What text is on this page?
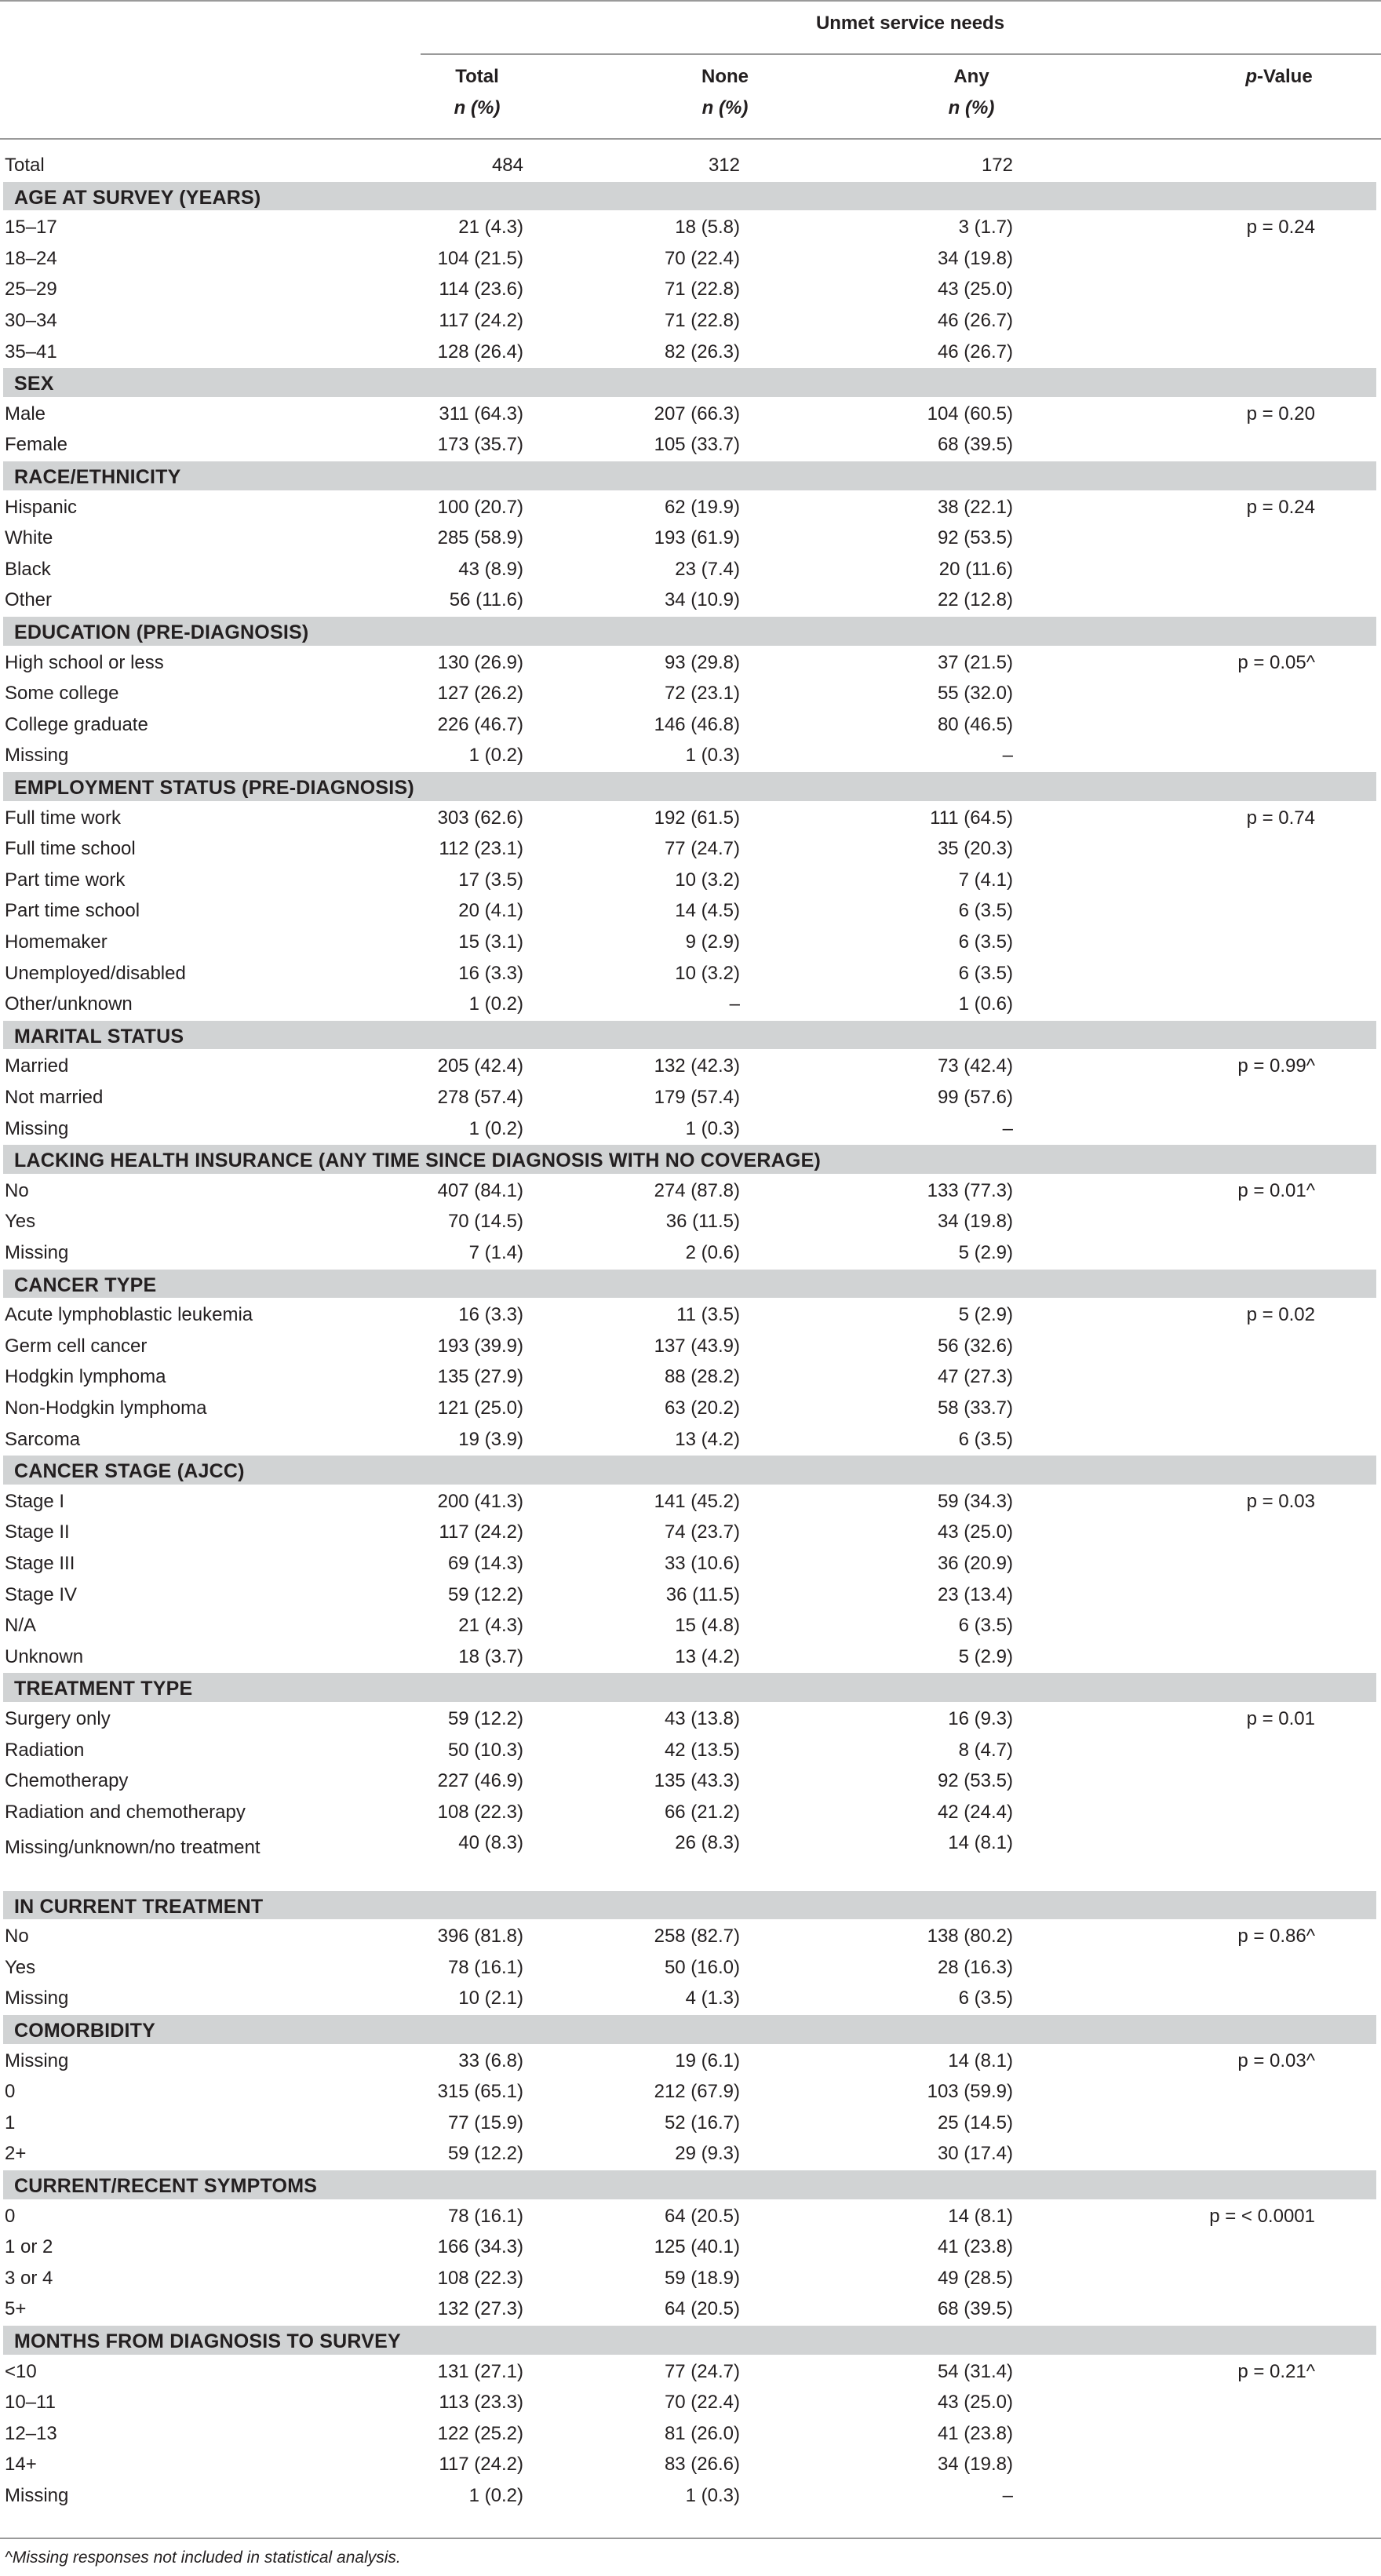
Unmet service needs
Total
n (%)
None
n (%)
Any
n (%)
p-Value
Total	484	312	172
AGE AT SURVEY (YEARS)
15–17	21 (4.3)	18 (5.8)	3 (1.7)	p = 0.24
18–24	104 (21.5)	70 (22.4)	34 (19.8)
25–29	114 (23.6)	71 (22.8)	43 (25.0)
30–34	117 (24.2)	71 (22.8)	46 (26.7)
35–41	128 (26.4)	82 (26.3)	46 (26.7)
SEX
Male	311 (64.3)	207 (66.3)	104 (60.5)	p = 0.20
Female	173 (35.7)	105 (33.7)	68 (39.5)
RACE/ETHNICITY
Hispanic	100 (20.7)	62 (19.9)	38 (22.1)	p = 0.24
White	285 (58.9)	193 (61.9)	92 (53.5)
Black	43 (8.9)	23 (7.4)	20 (11.6)
Other	56 (11.6)	34 (10.9)	22 (12.8)
EDUCATION (PRE-DIAGNOSIS)
High school or less	130 (26.9)	93 (29.8)	37 (21.5)	p = 0.05^
Some college	127 (26.2)	72 (23.1)	55 (32.0)
College graduate	226 (46.7)	146 (46.8)	80 (46.5)
Missing	1 (0.2)	1 (0.3)	–
EMPLOYMENT STATUS (PRE-DIAGNOSIS)
Full time work	303 (62.6)	192 (61.5)	111 (64.5)	p = 0.74
Full time school	112 (23.1)	77 (24.7)	35 (20.3)
Part time work	17 (3.5)	10 (3.2)	7 (4.1)
Part time school	20 (4.1)	14 (4.5)	6 (3.5)
Homemaker	15 (3.1)	9 (2.9)	6 (3.5)
Unemployed/disabled	16 (3.3)	10 (3.2)	6 (3.5)
Other/unknown	1 (0.2)	–	1 (0.6)
MARITAL STATUS
Married	205 (42.4)	132 (42.3)	73 (42.4)	p = 0.99^
Not married	278 (57.4)	179 (57.4)	99 (57.6)
Missing	1 (0.2)	1 (0.3)	–
LACKING HEALTH INSURANCE (ANY TIME SINCE DIAGNOSIS WITH NO COVERAGE)
No	407 (84.1)	274 (87.8)	133 (77.3)	p = 0.01^
Yes	70 (14.5)	36 (11.5)	34 (19.8)
Missing	7 (1.4)	2 (0.6)	5 (2.9)
CANCER TYPE
Acute lymphoblastic leukemia	16 (3.3)	11 (3.5)	5 (2.9)	p = 0.02
Germ cell cancer	193 (39.9)	137 (43.9)	56 (32.6)
Hodgkin lymphoma	135 (27.9)	88 (28.2)	47 (27.3)
Non-Hodgkin lymphoma	121 (25.0)	63 (20.2)	58 (33.7)
Sarcoma	19 (3.9)	13 (4.2)	6 (3.5)
CANCER STAGE (AJCC)
Stage I	200 (41.3)	141 (45.2)	59 (34.3)	p = 0.03
Stage II	117 (24.2)	74 (23.7)	43 (25.0)
Stage III	69 (14.3)	33 (10.6)	36 (20.9)
Stage IV	59 (12.2)	36 (11.5)	23 (13.4)
N/A	21 (4.3)	15 (4.8)	6 (3.5)
Unknown	18 (3.7)	13 (4.2)	5 (2.9)
TREATMENT TYPE
Surgery only	59 (12.2)	43 (13.8)	16 (9.3)	p = 0.01
Radiation	50 (10.3)	42 (13.5)	8 (4.7)
Chemotherapy	227 (46.9)	135 (43.3)	92 (53.5)
Radiation and chemotherapy	108 (22.3)	66 (21.2)	42 (24.4)
Missing/unknown/no treatment	40 (8.3)	26 (8.3)	14 (8.1)
IN CURRENT TREATMENT
No	396 (81.8)	258 (82.7)	138 (80.2)	p = 0.86^
Yes	78 (16.1)	50 (16.0)	28 (16.3)
Missing	10 (2.1)	4 (1.3)	6 (3.5)
COMORBIDITY
Missing	33 (6.8)	19 (6.1)	14 (8.1)	p = 0.03^
0	315 (65.1)	212 (67.9)	103 (59.9)
1	77 (15.9)	52 (16.7)	25 (14.5)
2+	59 (12.2)	29 (9.3)	30 (17.4)
CURRENT/RECENT SYMPTOMS
0	78 (16.1)	64 (20.5)	14 (8.1)	p = < 0.0001
1 or 2	166 (34.3)	125 (40.1)	41 (23.8)
3 or 4	108 (22.3)	59 (18.9)	49 (28.5)
5+	132 (27.3)	64 (20.5)	68 (39.5)
MONTHS FROM DIAGNOSIS TO SURVEY
<10	131 (27.1)	77 (24.7)	54 (31.4)	p = 0.21^
10–11	113 (23.3)	70 (22.4)	43 (25.0)
12–13	122 (25.2)	81 (26.0)	41 (23.8)
14+	117 (24.2)	83 (26.6)	34 (19.8)
Missing	1 (0.2)	1 (0.3)	–
^Missing responses not included in statistical analysis.
